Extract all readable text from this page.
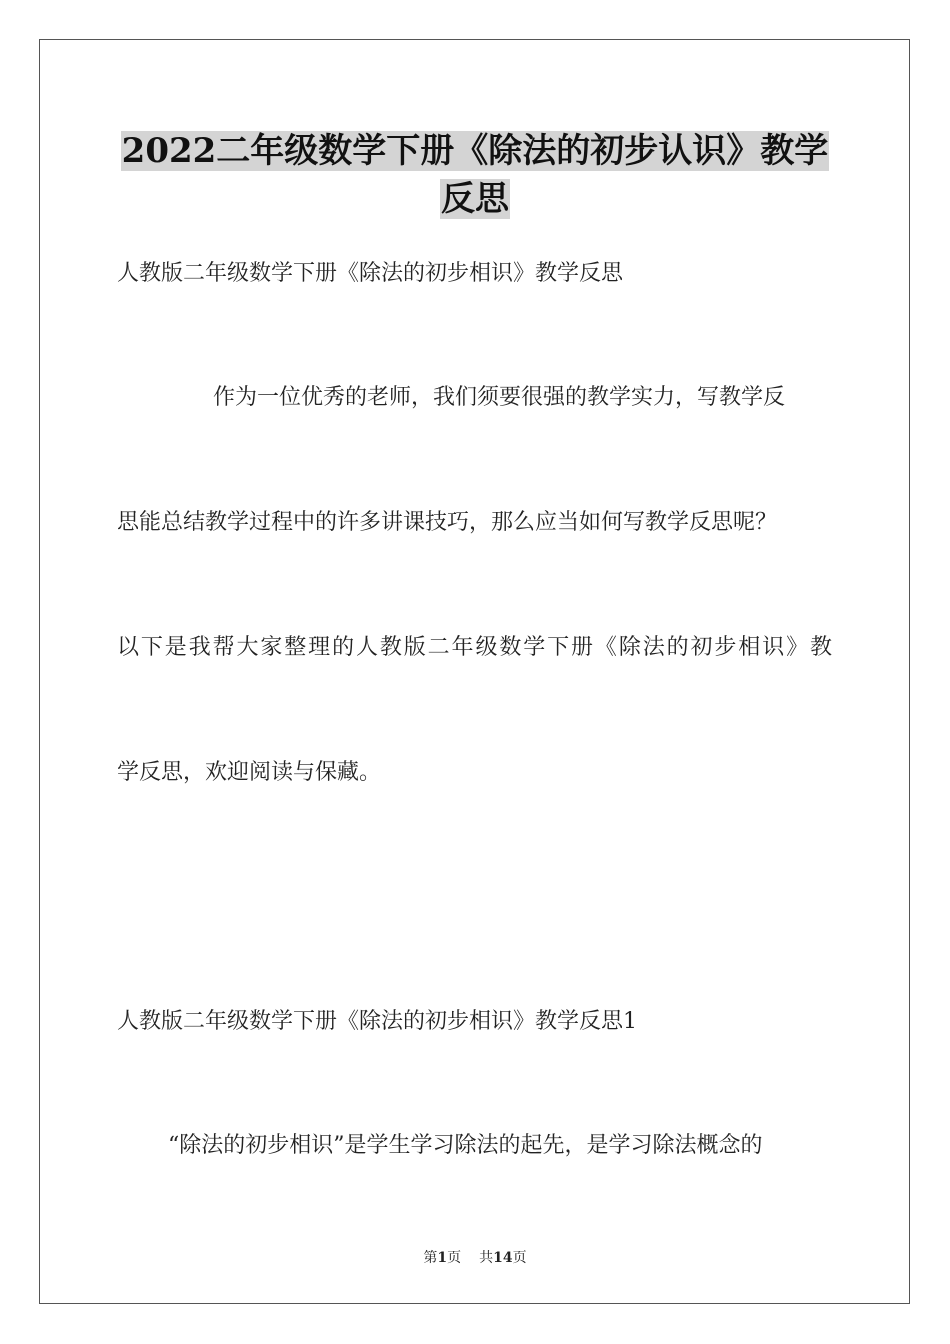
2022二年级数学下册《除法的初步认识》教学
反思
人教版二年级数学下册《除法的初步相识》教学反思
作为一位优秀的老师，我们须要很强的教学实力，写教学反
思能总结教学过程中的许多讲课技巧，那么应当如何写教学反思呢？
以下是我帮大家整理的人教版二年级数学下册《除法的初步相识》教
学反思，欢迎阅读与保藏。
人教版二年级数学下册《除法的初步相识》教学反思1
“除法的初步相识”是学生学习除法的起先，是学习除法概念的
第1页 共14页
